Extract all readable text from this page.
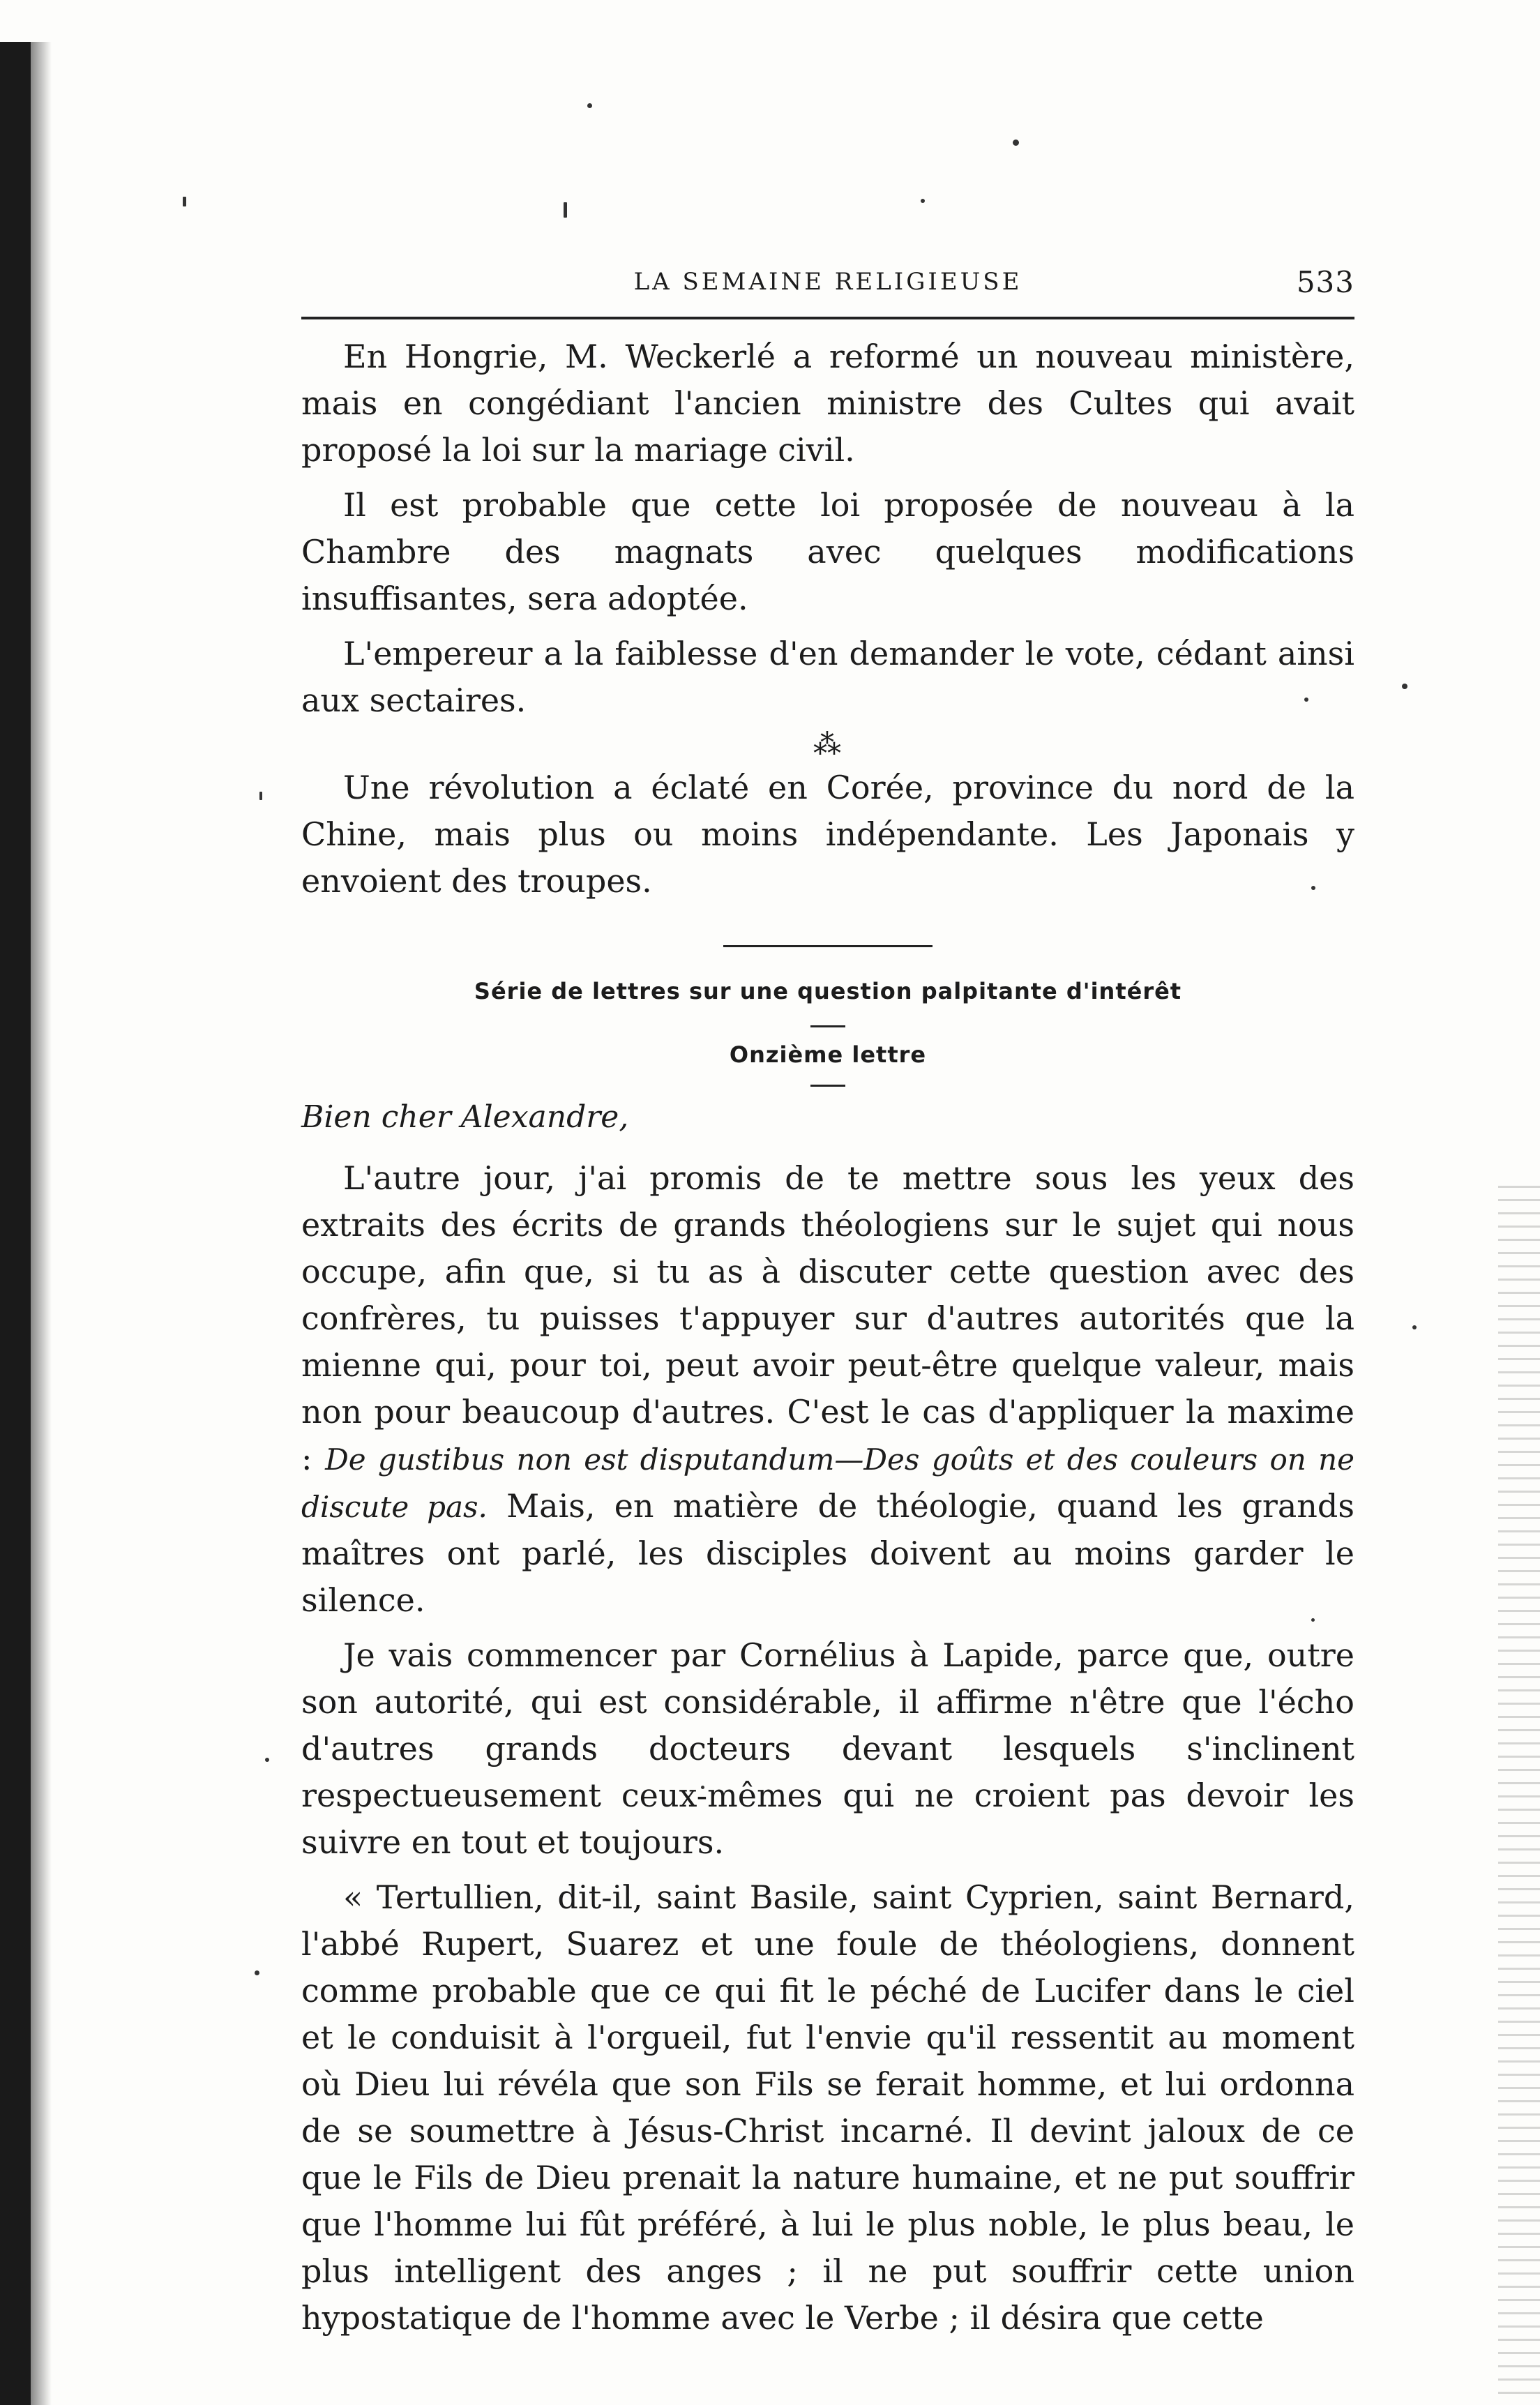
LA SEMAINE RELIGIEUSE	533

En Hongrie, M. Weckerlé a reformé un nouveau ministère, mais en congédiant l'ancien ministre des Cultes qui avait proposé la loi sur la mariage civil.

Il est probable que cette loi proposée de nouveau à la Chambre des magnats avec quelques modifications insuffisantes, sera adoptée.

L'empereur a la faiblesse d'en demander le vote, cédant ainsi aux sectaires.

⁂

Une révolution a éclaté en Corée, province du nord de la Chine, mais plus ou moins indépendante. Les Japonais y envoient des troupes.

Série de lettres sur une question palpitante d'intérêt
Onzième lettre
Bien cher Alexandre,

L'autre jour, j'ai promis de te mettre sous les yeux des extraits des écrits de grands théologiens sur le sujet qui nous occupe, afin que, si tu as à discuter cette question avec des confrères, tu puisses t'appuyer sur d'autres autorités que la mienne qui, pour toi, peut avoir peut-être quelque valeur, mais non pour beaucoup d'autres. C'est le cas d'appliquer la maxime : De gustibus non est disputandum—Des goûts et des couleurs on ne discute pas. Mais, en matière de théologie, quand les grands maîtres ont parlé, les disciples doivent au moins garder le silence.

Je vais commencer par Cornélius à Lapide, parce que, outre son autorité, qui est considérable, il affirme n'être que l'écho d'autres grands docteurs devant lesquels s'inclinent respectueusement ceux-mêmes qui ne croient pas devoir les suivre en tout et toujours.

« Tertullien, dit-il, saint Basile, saint Cyprien, saint Bernard, l'abbé Rupert, Suarez et une foule de théologiens, donnent comme probable que ce qui fit le péché de Lucifer dans le ciel et le conduisit à l'orgueil, fut l'envie qu'il ressentit au moment où Dieu lui révéla que son Fils se ferait homme, et lui ordonna de se soumettre à Jésus-Christ incarné. Il devint jaloux de ce que le Fils de Dieu prenait la nature humaine, et ne put souffrir que l'homme lui fût préféré, à lui le plus noble, le plus beau, le plus intelligent des anges ; il ne put souffrir cette union hypostatique de l'homme avec le Verbe ; il désira que cette
